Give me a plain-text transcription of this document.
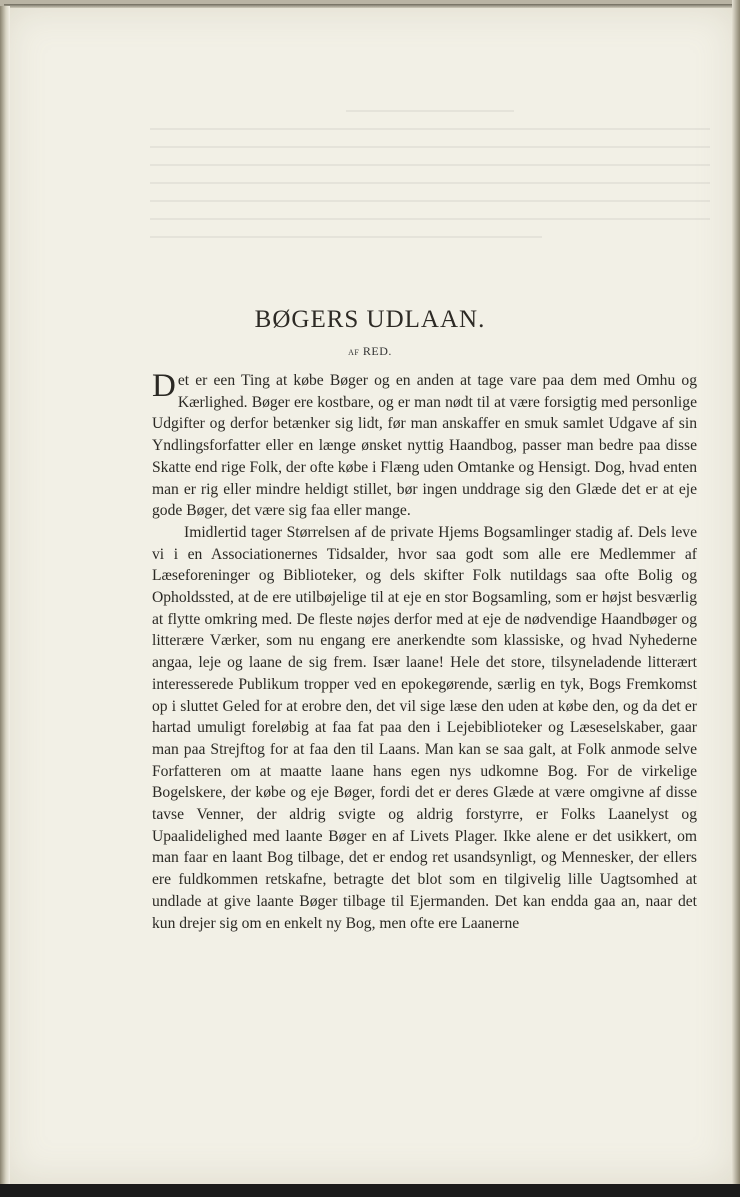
BØGERS UDLAAN.
AF RED.

Det er een Ting at købe Bøger og en anden at tage vare paa dem med Omhu og Kærlighed. Bøger ere kostbare, og er man nødt til at være forsigtig med personlige Udgifter og derfor betænker sig lidt, før man anskaffer en smuk samlet Udgave af sin Yndlingsforfatter eller en længe ønsket nyttig Haandbog, passer man bedre paa disse Skatte end rige Folk, der ofte købe i Flæng uden Omtanke og Hensigt. Dog, hvad enten man er rig eller mindre heldigt stillet, bør ingen unddrage sig den Glæde det er at eje gode Bøger, det være sig faa eller mange.

Imidlertid tager Størrelsen af de private Hjems Bogsamlinger stadig af. Dels leve vi i en Associationernes Tidsalder, hvor saa godt som alle ere Medlemmer af Læseforeninger og Biblioteker, og dels skifter Folk nutildags saa ofte Bolig og Opholdssted, at de ere utilbøjelige til at eje en stor Bogsamling, som er højst besværlig at flytte omkring med. De fleste nøjes derfor med at eje de nødvendige Haandbøger og litterære Værker, som nu engang ere anerkendte som klassiske, og hvad Nyhederne angaa, leje og laane de sig frem. Især laane! Hele det store, tilsyneladende litterært interesserede Publikum tropper ved en epokegørende, særlig en tyk, Bogs Fremkomst op i sluttet Geled for at erobre den, det vil sige læse den uden at købe den, og da det er hartad umuligt foreløbig at faa fat paa den i Lejebiblioteker og Læseselskaber, gaar man paa Strejftog for at faa den til Laans. Man kan se saa galt, at Folk anmode selve Forfatteren om at maatte laane hans egen nys udkomne Bog. For de virkelige Bogelskere, der købe og eje Bøger, fordi det er deres Glæde at være omgivne af disse tavse Venner, der aldrig svigte og aldrig forstyrre, er Folks Laanelyst og Upaalidelighed med laante Bøger en af Livets Plager. Ikke alene er det usikkert, om man faar en laant Bog tilbage, det er endog ret usandsynligt, og Mennesker, der ellers ere fuldkommen retskafne, betragte det blot som en tilgivelig lille Uagtsomhed at undlade at give laante Bøger tilbage til Ejermanden. Det kan endda gaa an, naar det kun drejer sig om en enkelt ny Bog, men ofte ere Laanerne
